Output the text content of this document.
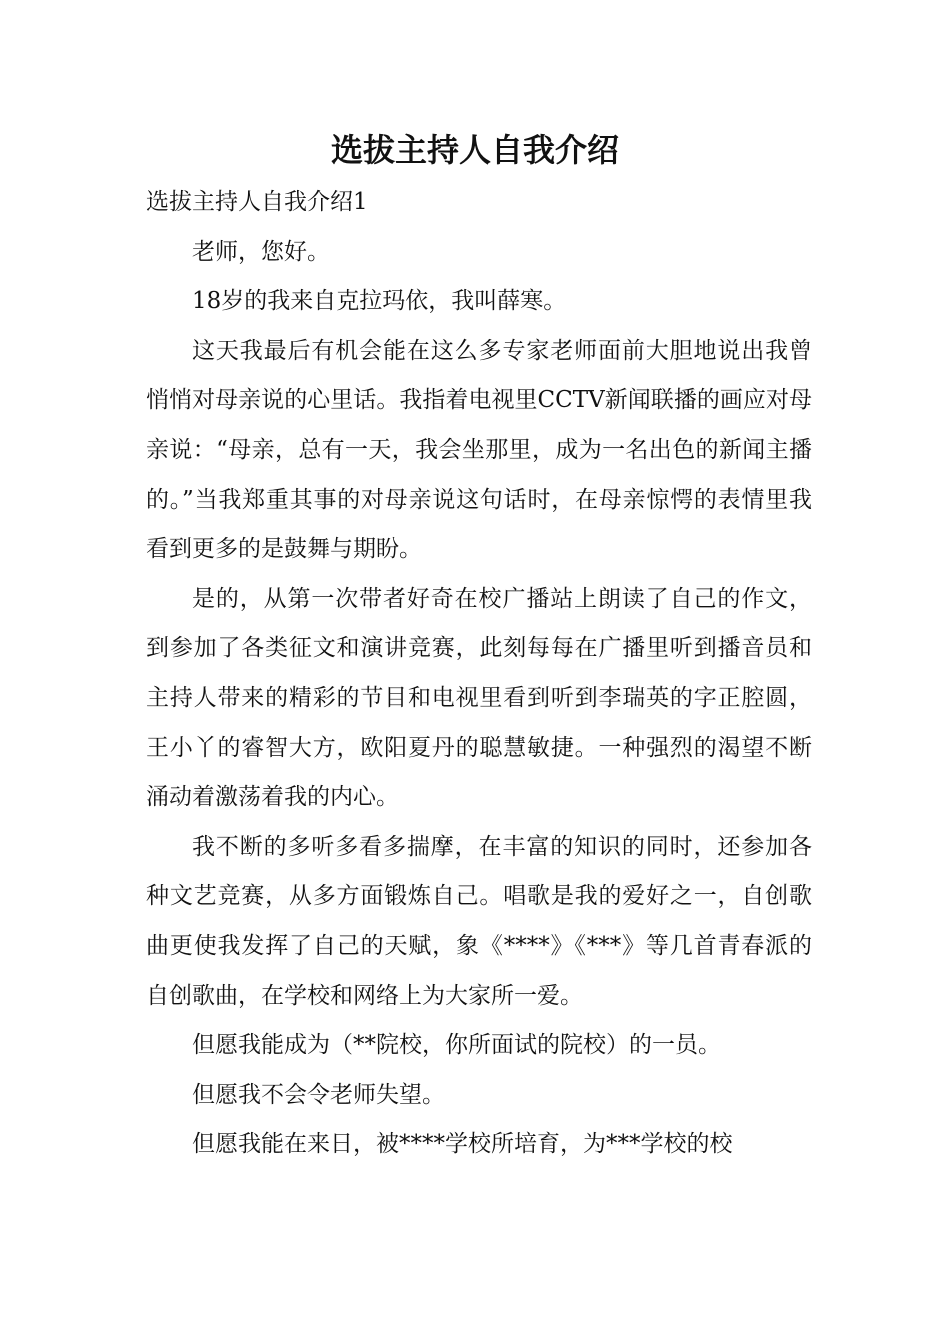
选拔主持人自我介绍

选拔主持人自我介绍1

老师，您好。

18岁的我来自克拉玛依，我叫薛寒。

这天我最后有机会能在这么多专家老师面前大胆地说出我曾悄悄对母亲说的心里话。我指着电视里CCTV新闻联播的画应对母亲说：“母亲，总有一天，我会坐那里，成为一名出色的新闻主播的。”当我郑重其事的对母亲说这句话时，在母亲惊愕的表情里我看到更多的是鼓舞与期盼。

是的，从第一次带者好奇在校广播站上朗读了自己的作文，到参加了各类征文和演讲竞赛，此刻每每在广播里听到播音员和主持人带来的精彩的节目和电视里看到听到李瑞英的字正腔圆，王小丫的睿智大方，欧阳夏丹的聪慧敏捷。一种强烈的渴望不断涌动着激荡着我的内心。

我不断的多听多看多揣摩，在丰富的知识的同时，还参加各种文艺竞赛，从多方面锻炼自己。唱歌是我的爱好之一，自创歌曲更使我发挥了自己的天赋，象《****》《***》等几首青春派的自创歌曲，在学校和网络上为大家所一爱。

但愿我能成为（**院校，你所面试的院校）的一员。

但愿我不会令老师失望。

但愿我能在来日，被****学校所培育，为***学校的校
